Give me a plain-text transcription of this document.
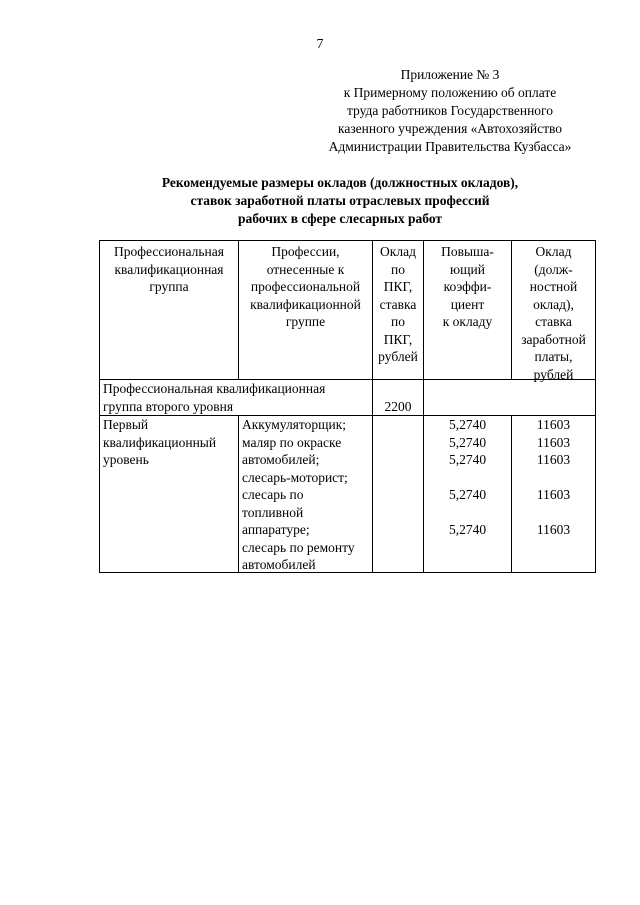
7
Приложение № 3
к Примерному положению об оплате
труда работников Государственного
казенного учреждения «Автохозяйство
Администрации Правительства Кузбасса»
Рекомендуемые размеры окладов (должностных окладов),
ставок заработной платы отраслевых профессий
рабочих в сфере слесарных работ
Профессиональная
квалификационная
группа
Профессии,
отнесенные к
профессиональной
квалификационной
группе
Оклад
по
ПКГ,
ставка
по
ПКГ,
рублей
Повыша-
ющий
коэффи-
циент
к окладу
Оклад
(долж-
ностной
оклад),
ставка
заработной
платы,
рублей
Профессиональная квалификационная
группа второго уровня	2200
Первый
квалификационный
уровень
Аккумуляторщик;
маляр по окраске
автомобилей;
слесарь-моторист;
слесарь по
топливной
аппаратуре;
слесарь по ремонту
автомобилей
5,2740
5,2740
5,2740

5,2740

5,2740
11603
11603
11603

11603

11603
